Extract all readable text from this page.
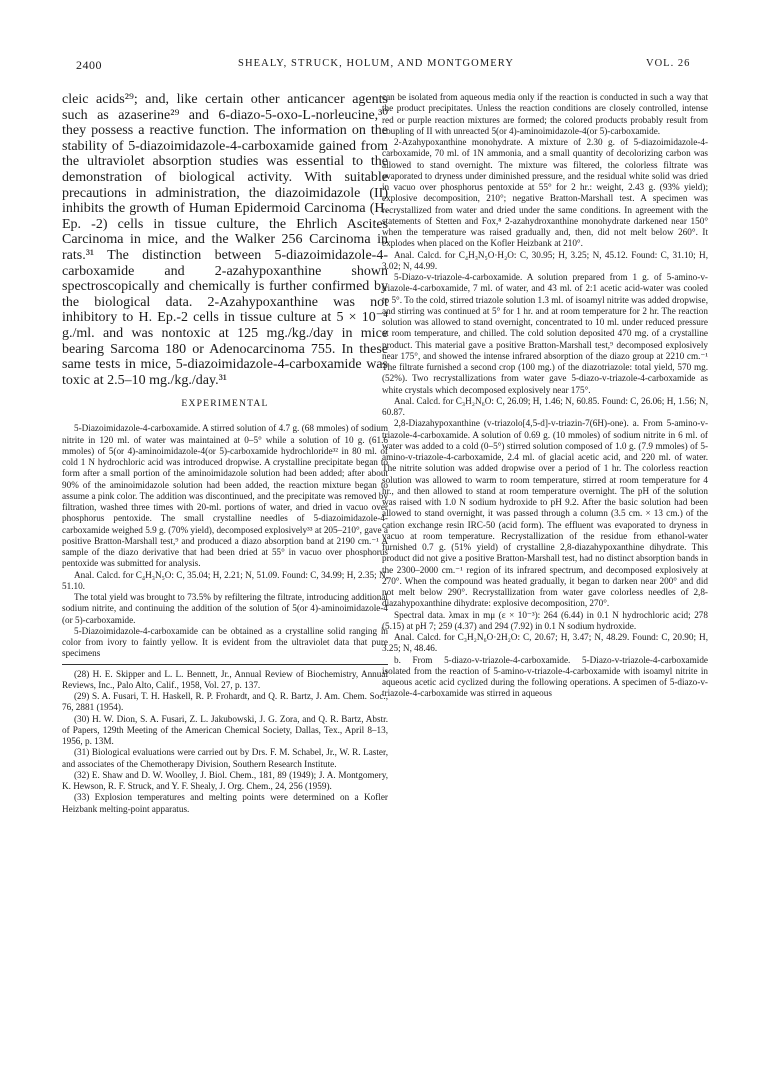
2400	SHEALY, STRUCK, HOLUM, AND MONTGOMERY	VOL. 26

cleic acids²⁹; and, like certain other anticancer agents such as azaserine²⁹ and 6-diazo-5-oxo-L-norleucine,³⁰ they possess a reactive function. The information on the stability of 5-diazoimidazole-4-carboxamide gained from the ultraviolet absorption studies was essential to the demonstration of biological activity. With suitable precautions in administration, the diazoimidazole (II) inhibits the growth of Human Epidermoid Carcinoma (H. Ep. -2) cells in tissue culture, the Ehrlich Ascites Carcinoma in mice, and the Walker 256 Carcinoma in rats.³¹ The distinction between 5-diazoimidazole-4-carboxamide and 2-azahypoxanthine shown spectroscopically and chemically is further confirmed by the biological data. 2-Azahypoxanthine was not inhibitory to H. Ep.-2 cells in tissue culture at 5 × 10⁻⁴ g./ml. and was nontoxic at 125 mg./kg./day in mice bearing Sarcoma 180 or Adenocarcinoma 755. In these same tests in mice, 5-diazoimidazole-4-carboxamide was toxic at 2.5–10 mg./kg./day.³¹

EXPERIMENTAL

5-Diazoimidazole-4-carboxamide. A stirred solution of 4.7 g. (68 mmoles) of sodium nitrite in 120 ml. of water was maintained at 0–5° while a solution of 10 g. (61.6 mmoles) of 5(or 4)-aminoimidazole-4(or 5)-carboxamide hydrochloride³² in 80 ml. of cold 1 N hydrochloric acid was introduced dropwise. A crystalline precipitate began to form after a small portion of the aminoimidazole solution had been added; after about 90% of the aminoimidazole solution had been added, the reaction mixture began to assume a pink color. The addition was discontinued, and the precipitate was removed by filtration, washed three times with 20-ml. portions of water, and dried in vacuo over phosphorus pentoxide. The small crystalline needles of 5-diazoimidazole-4-carboxamide weighed 5.9 g. (70% yield), decomposed explosively³³ at 205–210°, gave a positive Bratton-Marshall test,⁹ and produced a diazo absorption band at 2190 cm.⁻¹ A sample of the diazo derivative that had been dried at 55° in vacuo over phosphorus pentoxide was submitted for analysis.

Anal. Calcd. for C₄H₃N₅O: C, 35.04; H, 2.21; N, 51.09. Found: C, 34.99; H, 2.35; N, 51.10.

The total yield was brought to 73.5% by refiltering the filtrate, introducing additional sodium nitrite, and continuing the addition of the solution of 5(or 4)-aminoimidazole-4 (or 5)-carboxamide.

5-Diazoimidazole-4-carboxamide can be obtained as a crystalline solid ranging in color from ivory to faintly yellow. It is evident from the ultraviolet data that pure specimens

(28) H. E. Skipper and L. L. Bennett, Jr., Annual Review of Biochemistry, Annual Reviews, Inc., Palo Alto, Calif., 1958, Vol. 27, p. 137.

(29) S. A. Fusari, T. H. Haskell, R. P. Frohardt, and Q. R. Bartz, J. Am. Chem. Soc., 76, 2881 (1954).

(30) H. W. Dion, S. A. Fusari, Z. L. Jakubowski, J. G. Zora, and Q. R. Bartz, Abstr. of Papers, 129th Meeting of the American Chemical Society, Dallas, Tex., April 8–13, 1956, p. 13M.

(31) Biological evaluations were carried out by Drs. F. M. Schabel, Jr., W. R. Laster, and associates of the Chemotherapy Division, Southern Research Institute.

(32) E. Shaw and D. W. Woolley, J. Biol. Chem., 181, 89 (1949); J. A. Montgomery, K. Hewson, R. F. Struck, and Y. F. Shealy, J. Org. Chem., 24, 256 (1959).

(33) Explosion temperatures and melting points were determined on a Kofler Heizbank melting-point apparatus.

can be isolated from aqueous media only if the reaction is conducted in such a way that the product precipitates. Unless the reaction conditions are closely controlled, intense red or purple reaction mixtures are formed; the colored products probably result from coupling of II with unreacted 5(or 4)-aminoimidazole-4(or 5)-carboxamide.

2-Azahypoxanthine monohydrate. A mixture of 2.30 g. of 5-diazoimidazole-4-carboxamide, 70 ml. of 1N ammonia, and a small quantity of decolorizing carbon was allowed to stand overnight. The mixture was filtered, the colorless filtrate was evaporated to dryness under diminished pressure, and the residual white solid was dried in vacuo over phosphorus pentoxide at 55° for 2 hr.: weight, 2.43 g. (93% yield); explosive decomposition, 210°; negative Bratton-Marshall test. A specimen was recrystallized from water and dried under the same conditions. In agreement with the statements of Stetten and Fox,⁸ 2-azahydroxanthine monohydrate darkened near 150° when the temperature was raised gradually and, then, did not melt below 260°. It explodes when placed on the Kofler Heizbank at 210°.

Anal. Calcd. for C₄H₃N₅O·H₂O: C, 30.95; H, 3.25; N, 45.12. Found: C, 31.10; H, 3.02; N, 44.99.

5-Diazo-v-triazole-4-carboxamide. A solution prepared from 1 g. of 5-amino-v-triazole-4-carboxamide, 7 ml. of water, and 43 ml. of 2:1 acetic acid-water was cooled to 5°. To the cold, stirred triazole solution 1.3 ml. of isoamyl nitrite was added dropwise, and stirring was continued at 5° for 1 hr. and at room temperature for 2 hr. The reaction solution was allowed to stand overnight, concentrated to 10 ml. under reduced pressure at room temperature, and chilled. The cold solution deposited 470 mg. of a crystalline product. This material gave a positive Bratton-Marshall test,⁹ decomposed explosively near 175°, and showed the intense infrared absorption of the diazo group at 2210 cm.⁻¹ The filtrate furnished a second crop (100 mg.) of the diazotriazole: total yield, 570 mg. (52%). Two recrystallizations from water gave 5-diazo-v-triazole-4-carboxamide as white crystals which decomposed explosively near 175°.

Anal. Calcd. for C₃H₂N₆O: C, 26.09; H, 1.46; N, 60.85. Found: C, 26.06; H, 1.56; N, 60.87.

2,8-Diazahypoxanthine (v-triazolo[4,5-d]-v-triazin-7(6H)-one). a. From 5-amino-v-triazole-4-carboxamide. A solution of 0.69 g. (10 mmoles) of sodium nitrite in 6 ml. of water was added to a cold (0–5°) stirred solution composed of 1.0 g. (7.9 mmoles) of 5-amino-v-triazole-4-carboxamide, 2.4 ml. of glacial acetic acid, and 220 ml. of water. The nitrite solution was added dropwise over a period of 1 hr. The colorless reaction solution was allowed to warm to room temperature, stirred at room temperature for 4 hr., and then allowed to stand at room temperature overnight. The pH of the solution was raised with 1.0 N sodium hydroxide to pH 9.2. After the basic solution had been allowed to stand overnight, it was passed through a column (3.5 cm. × 13 cm.) of the cation exchange resin IRC-50 (acid form). The effluent was evaporated to dryness in vacuo at room temperature. Recrystallization of the residue from ethanol-water furnished 0.7 g. (51% yield) of crystalline 2,8-diazahypoxanthine dihydrate. This product did not give a positive Bratton-Marshall test, had no distinct absorption bands in the 2300–2000 cm.⁻¹ region of its infrared spectrum, and decomposed explosively at 270°. When the compound was heated gradually, it began to darken near 200° and did not melt below 290°. Recrystallization from water gave colorless needles of 2,8-diazahypoxanthine dihydrate: explosive decomposition, 270°.

Spectral data. λmax in mμ (ε × 10⁻³): 264 (6.44) in 0.1 N hydrochloric acid; 278 (5.15) at pH 7; 259 (4.37) and 294 (7.92) in 0.1 N sodium hydroxide.

Anal. Calcd. for C₃H₂N₆O·2H₂O: C, 20.67; H, 3.47; N, 48.29. Found: C, 20.90; H, 3.25; N, 48.46.

b. From 5-diazo-v-triazole-4-carboxamide. 5-Diazo-v-triazole-4-carboxamide isolated from the reaction of 5-amino-v-triazole-4-carboxamide with isoamyl nitrite in aqueous acetic acid cyclized during the following operations. A specimen of 5-diazo-v-triazole-4-carboxamide was stirred in aqueous
